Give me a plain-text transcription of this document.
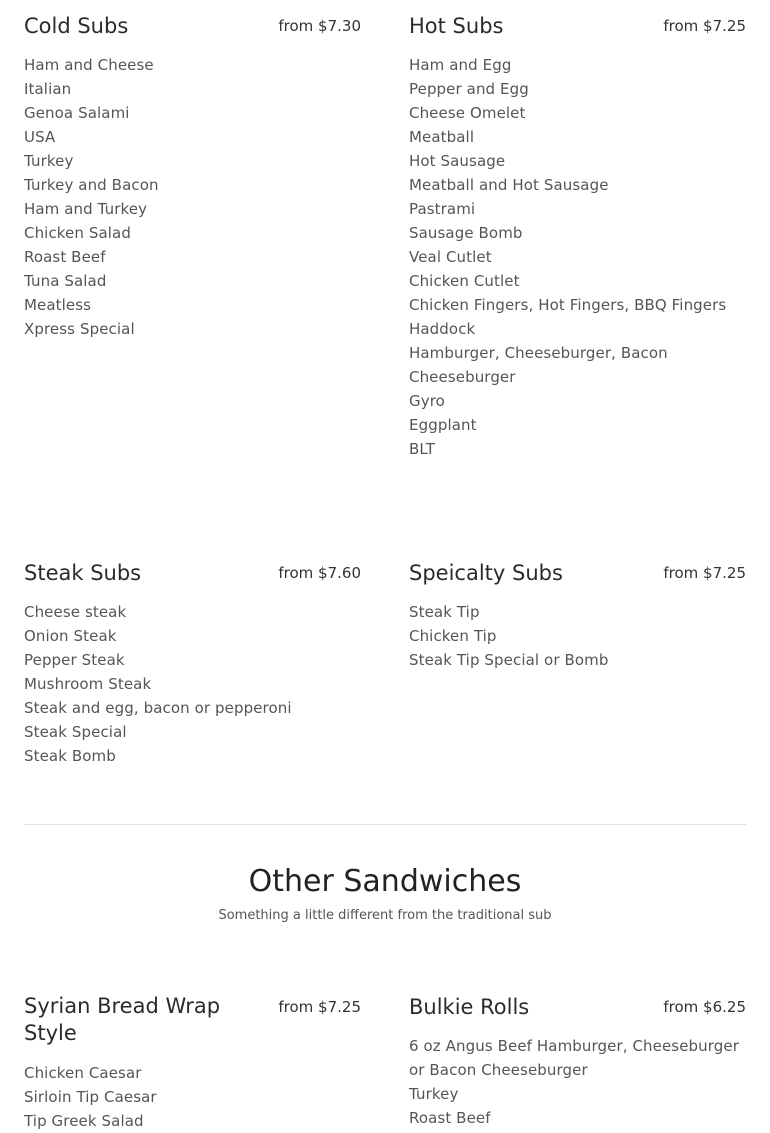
Cold Subs	from $7.30
Ham and Cheese
Italian
Genoa Salami
USA
Turkey
Turkey and Bacon
Ham and Turkey
Chicken Salad
Roast Beef
Tuna Salad
Meatless
Xpress Special
Hot Subs	from $7.25
Ham and Egg
Pepper and Egg
Cheese Omelet
Meatball
Hot Sausage
Meatball and Hot Sausage
Pastrami
Sausage Bomb
Veal Cutlet
Chicken Cutlet
Chicken Fingers, Hot Fingers, BBQ Fingers
Haddock
Hamburger, Cheeseburger, Bacon Cheeseburger
Gyro
Eggplant
BLT
Steak Subs	from $7.60
Cheese steak
Onion Steak
Pepper Steak
Mushroom Steak
Steak and egg, bacon or pepperoni
Steak Special
Steak Bomb
Speicalty Subs	from $7.25
Steak Tip
Chicken Tip
Steak Tip Special or Bomb
Other Sandwiches
Something a little different from the traditional sub
Syrian Bread Wrap Style
from $7.25
Chicken Caesar
Sirloin Tip Caesar
Tip Greek Salad
Bulkie Rolls	from $6.25
6 oz Angus Beef Hamburger, Cheeseburger or Bacon Cheeseburger
Turkey
Roast Beef
